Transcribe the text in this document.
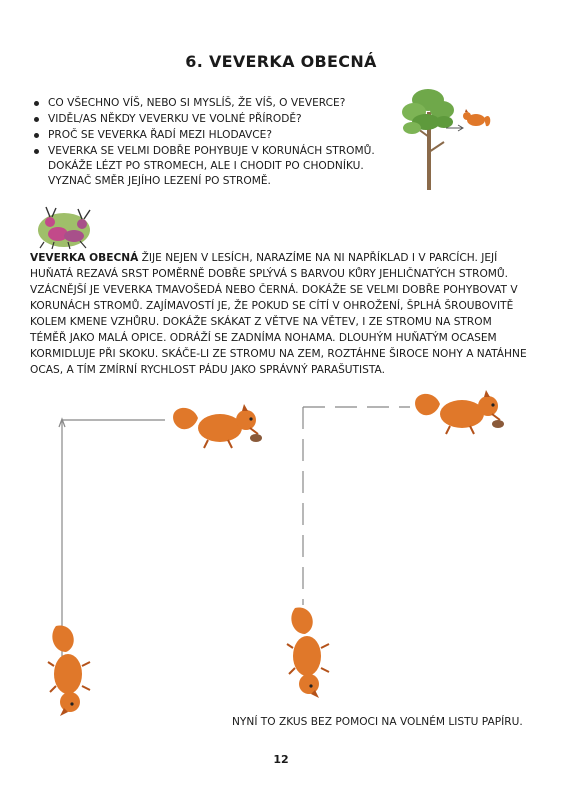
6. VEVERKA OBECNÁ
CO VŠECHNO VÍŠ, NEBO SI MYSLÍŠ, ŽE VÍŠ, O VEVERCE?
VIDĚL/AS NĚKDY VEVERKU VE VOLNÉ PŘÍRODĚ?
PROČ SE VEVERKA ŘADÍ MEZI HLODAVCE?
VEVERKA SE VELMI DOBŘE POHYBUJE V KORUNÁCH STROMŮ. DOKÁŽE LÉZT PO STROMECH, ALE I CHODIT PO CHODNÍKU. VYZNAČ SMĚR JEJÍHO LEZENÍ PO STROMĚ.

VEVERKA OBECNÁ ŽIJE NEJEN V LESÍCH, NARAZÍME NA NI NAPŘÍKLAD I V PARCÍCH. JEJÍ HUŇATÁ REZAVÁ SRST POMĚRNĚ DOBŘE SPLÝVÁ S BARVOU KŮRY JEHLIČNATÝCH STROMŮ. VZÁCNĚJŠÍ JE VEVERKA TMAVOŠEDÁ NEBO ČERNÁ. DOKÁŽE SE VELMI DOBŘE POHYBOVAT V KORUNÁCH STROMŮ. ZAJÍMAVOSTÍ JE, ŽE POKUD SE CÍTÍ V OHROŽENÍ, ŠPLHÁ ŠROUBOVITĚ KOLEM KMENE VZHŮRU. DOKÁŽE SKÁKAT Z VĚTVE NA VĚTEV, I ZE STROMU NA STROM TÉMĚŘ JAKO MALÁ OPICE. ODRÁŽÍ SE ZADNÍMA NOHAMA. DLOUHÝM HUŇATÝM OCASEM KORMIDLUJE PŘI SKOKU. SKÁČE-LI ZE STROMU NA ZEM, ROZTÁHNE ŠIROCE NOHY A NATÁHNE OCAS, A TÍM ZMÍRNÍ RYCHLOST PÁDU JAKO SPRÁVNÝ PARAŠUTISTA.

NYNÍ TO ZKUS BEZ POMOCI NA VOLNÉM LISTU PAPÍRU.
12
